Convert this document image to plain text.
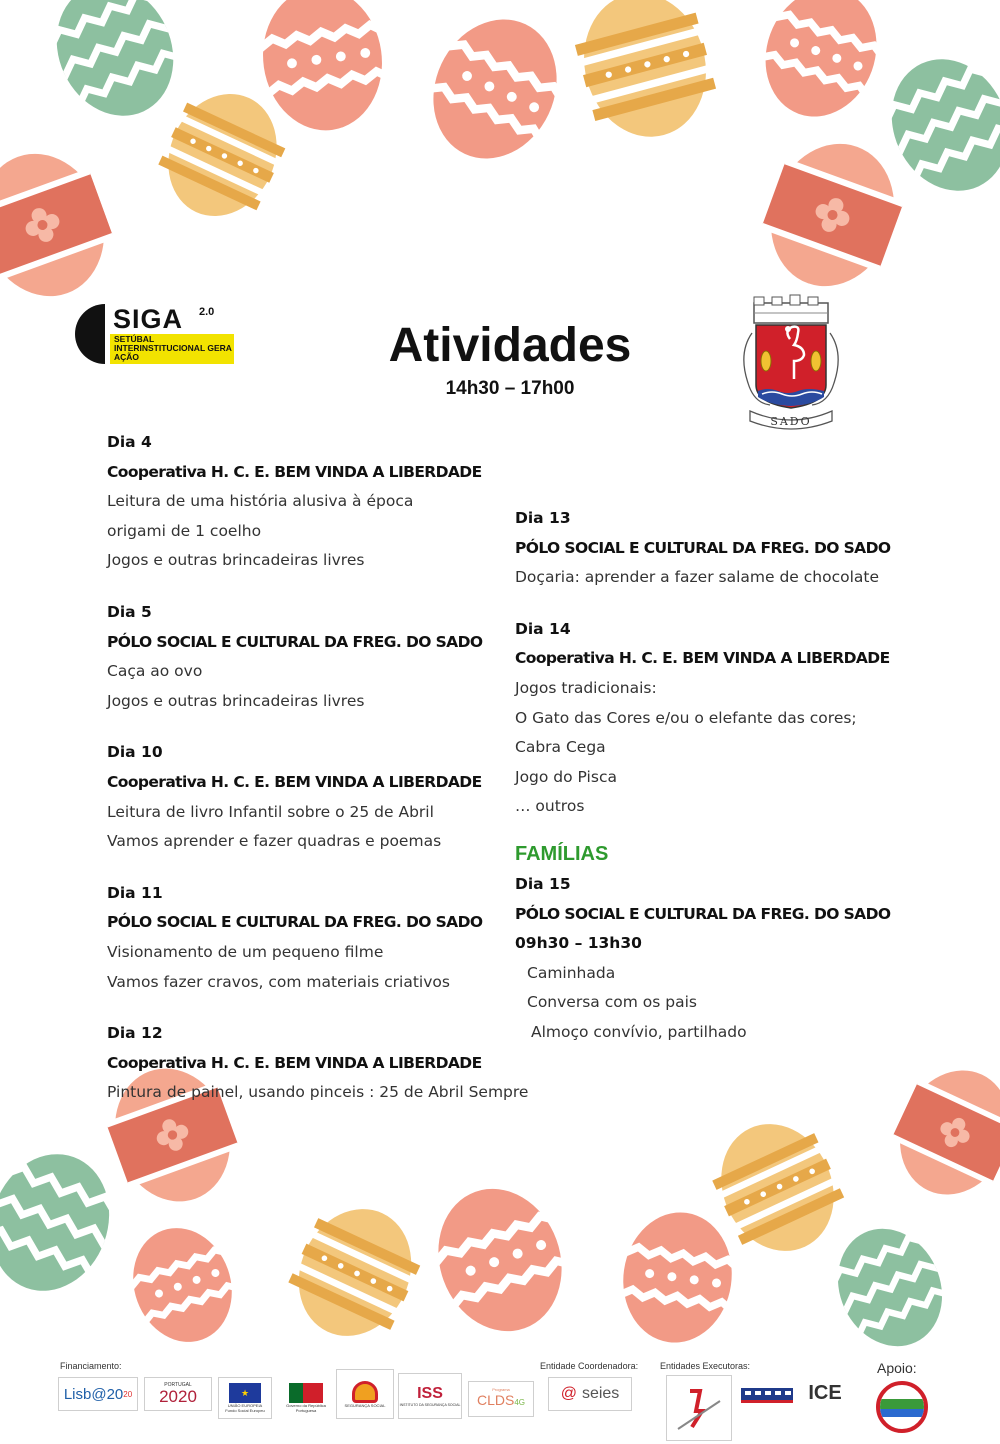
SIGA 2.0
SETÚBAL INTERINSTITUCIONAL GERA AÇÃO	Atividades
14h30 – 17h00
SADO
Dia 4
Cooperativa H. C. E. BEM VINDA A LIBERDADE
Leitura de uma história alusiva à época
origami de 1 coelho
Jogos e outras brincadeiras livres
Dia 5
PÓLO SOCIAL E CULTURAL DA FREG. DO SADO
Caça ao ovo
Jogos e outras brincadeiras livres
Dia 10
Cooperativa H. C. E. BEM VINDA A LIBERDADE
Leitura de livro Infantil sobre o 25 de Abril
Vamos aprender e fazer quadras e poemas
Dia 11
PÓLO SOCIAL E CULTURAL DA FREG. DO SADO
Visionamento de um pequeno filme
Vamos fazer cravos, com materiais criativos
Dia 12
Cooperativa H. C. E. BEM VINDA A LIBERDADE
Pintura de painel, usando pinceis : 25 de Abril Sempre
Dia 13
PÓLO SOCIAL E CULTURAL DA FREG. DO SADO
Doçaria: aprender a fazer salame de chocolate
Dia 14
Cooperativa H. C. E. BEM VINDA A LIBERDADE
Jogos tradicionais:
O Gato das Cores e/ou o elefante das cores;
Cabra Cega
Jogo do Pisca
… outros
FAMÍLIAS
Dia 15
PÓLO SOCIAL E CULTURAL DA FREG. DO SADO
09h30 – 13h30
Caminhada
Conversa com os pais
Almoço convívio, partilhado
Financiamento:	Entidade Coordenadora: Entidades Executoras:	Apoio:
Lisb@20 20
PORTUGAL
2020	★
UNIÃO EUROPEIA
Fundo Social Europeu
Governo da República Portuguesa
SEGURANÇA SOCIAL
ISS
INSTITUTO DA SEGURANÇA SOCIAL
Programa
CLDS4G
@ seies	ICE
